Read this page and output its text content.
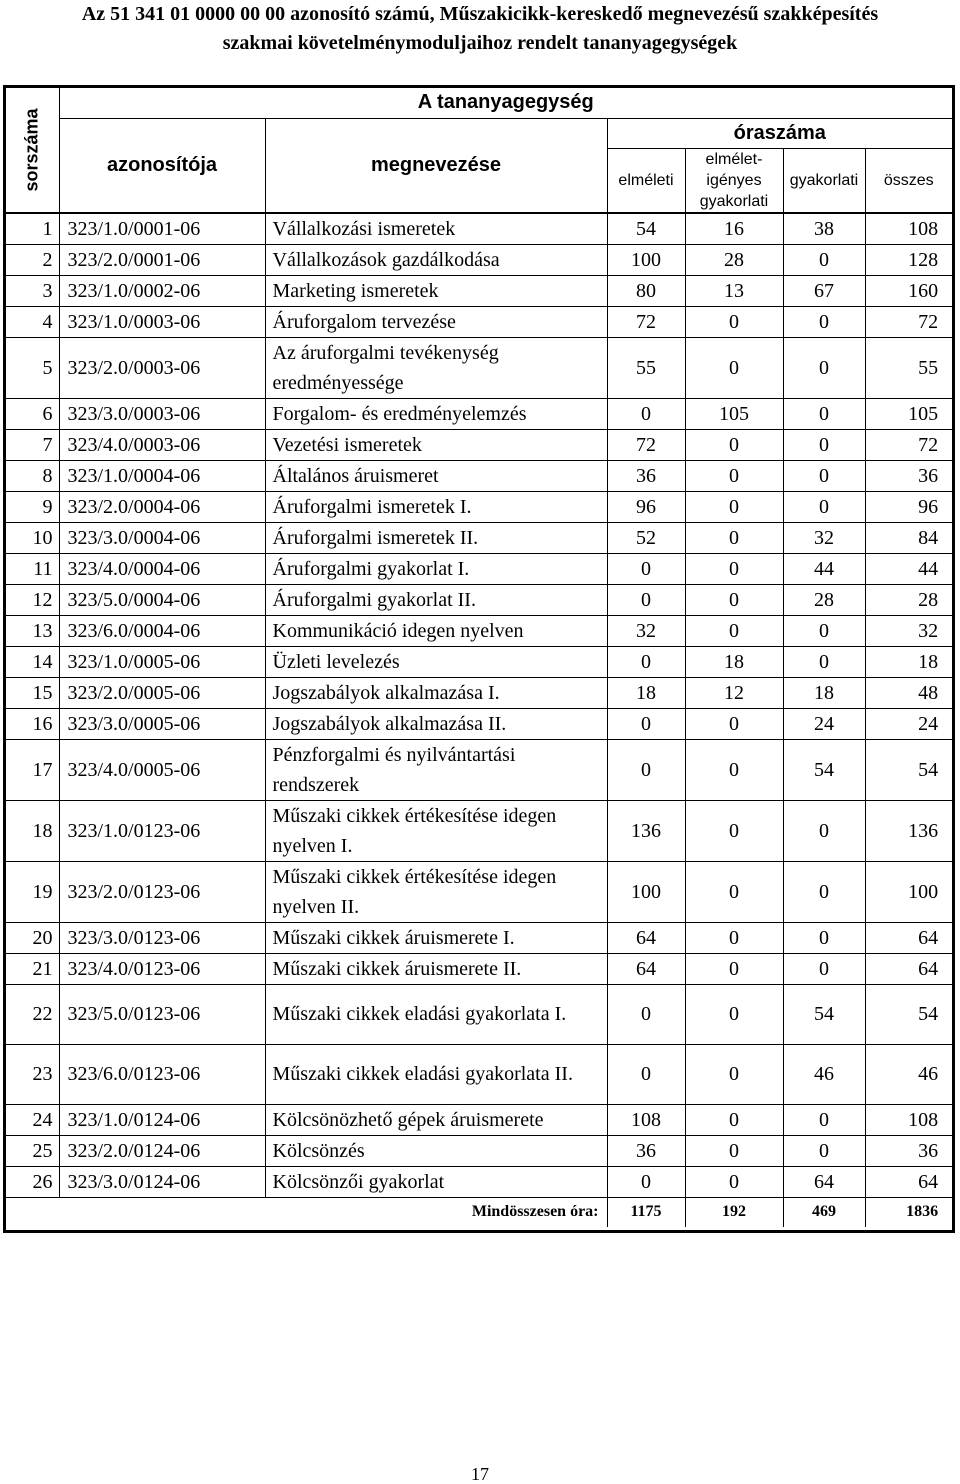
Az 51 341 01 0000 00 00 azonosító számú, Műszakicikk-kereskedő megnevezésű szakképesítés
szakmai követelménymoduljaihoz rendelt tananyagegységek
sorszáma	A tananyagegység					
	azonosítója	megnevezése	óraszáma			
			elméleti	elmélet-igényes gyakorlati	gyakorlati	összes
1	323/1.0/0001-06	Vállalkozási ismeretek	54	16	38	108
2	323/2.0/0001-06	Vállalkozások gazdálkodása	100	28	0	128
3	323/1.0/0002-06	Marketing ismeretek	80	13	67	160
4	323/1.0/0003-06	Áruforgalom tervezése	72	0	0	72
5	323/2.0/0003-06	Az áruforgalmi tevékenység eredményessége	55	0	0	55
6	323/3.0/0003-06	Forgalom- és eredményelemzés	0	105	0	105
7	323/4.0/0003-06	Vezetési ismeretek	72	0	0	72
8	323/1.0/0004-06	Általános áruismeret	36	0	0	36
9	323/2.0/0004-06	Áruforgalmi ismeretek I.	96	0	0	96
10	323/3.0/0004-06	Áruforgalmi ismeretek II.	52	0	32	84
11	323/4.0/0004-06	Áruforgalmi gyakorlat I.	0	0	44	44
12	323/5.0/0004-06	Áruforgalmi gyakorlat II.	0	0	28	28
13	323/6.0/0004-06	Kommunikáció idegen nyelven	32	0	0	32
14	323/1.0/0005-06	Üzleti levelezés	0	18	0	18
15	323/2.0/0005-06	Jogszabályok alkalmazása I.	18	12	18	48
16	323/3.0/0005-06	Jogszabályok alkalmazása II.	0	0	24	24
17	323/4.0/0005-06	Pénzforgalmi és nyilvántartási rendszerek	0	0	54	54
18	323/1.0/0123-06	Műszaki cikkek értékesítése idegen nyelven I.	136	0	0	136
19	323/2.0/0123-06	Műszaki cikkek értékesítése idegen nyelven II.	100	0	0	100
20	323/3.0/0123-06	Műszaki cikkek áruismerete I.	64	0	0	64
21	323/4.0/0123-06	Műszaki cikkek áruismerete II.	64	0	0	64
22	323/5.0/0123-06	Műszaki cikkek eladási gyakorlata I.	0	0	54	54
23	323/6.0/0123-06	Műszaki cikkek eladási gyakorlata II.	0	0	46	46
24	323/1.0/0124-06	Kölcsönözhető gépek áruismerete	108	0	0	108
25	323/2.0/0124-06	Kölcsönzés	36	0	0	36
26	323/3.0/0124-06	Kölcsönzői gyakorlat	0	0	64	64
Mindösszesen óra:			1175	192	469	1836
17
